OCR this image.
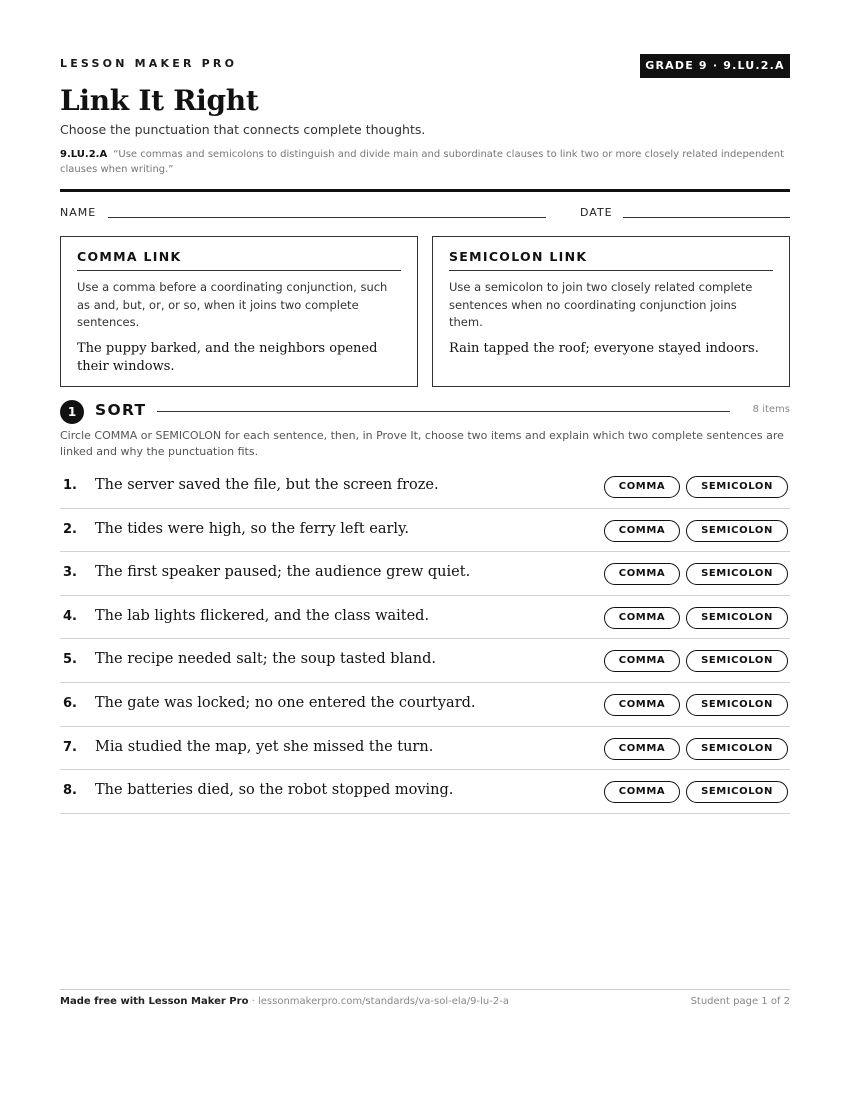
LESSON MAKER PRO	GRADE 9 · 9.LU.2.A
Link It Right
Choose the punctuation that connects complete thoughts.
9.LU.2.A “Use commas and semicolons to distinguish and divide main and subordinate clauses to link two or more closely related independent clauses when writing.”
NAME	DATE
COMMA LINK
Use a comma before a coordinating conjunction, such as and, but, or, or so, when it joins two complete sentences.
The puppy barked, and the neighbors opened their windows.
SEMICOLON LINK
Use a semicolon to join two closely related complete sentences when no coordinating conjunction joins them.
Rain tapped the roof; everyone stayed indoors.
1	SORT	8 items
Circle COMMA or SEMICOLON for each sentence, then, in Prove It, choose two items and explain which two complete sentences are linked and why the punctuation fits.
1. The server saved the file, but the screen froze.	COMMA	SEMICOLON
2. The tides were high, so the ferry left early.	COMMA	SEMICOLON
3. The first speaker paused; the audience grew quiet.	COMMA	SEMICOLON
4. The lab lights flickered, and the class waited.	COMMA	SEMICOLON
5. The recipe needed salt; the soup tasted bland.	COMMA	SEMICOLON
6. The gate was locked; no one entered the courtyard.	COMMA	SEMICOLON
7. Mia studied the map, yet she missed the turn.	COMMA	SEMICOLON
8. The batteries died, so the robot stopped moving.	COMMA	SEMICOLON
Made free with Lesson Maker Pro · lessonmakerpro.com/standards/va-sol-ela/9-lu-2-a	Student page 1 of 2
